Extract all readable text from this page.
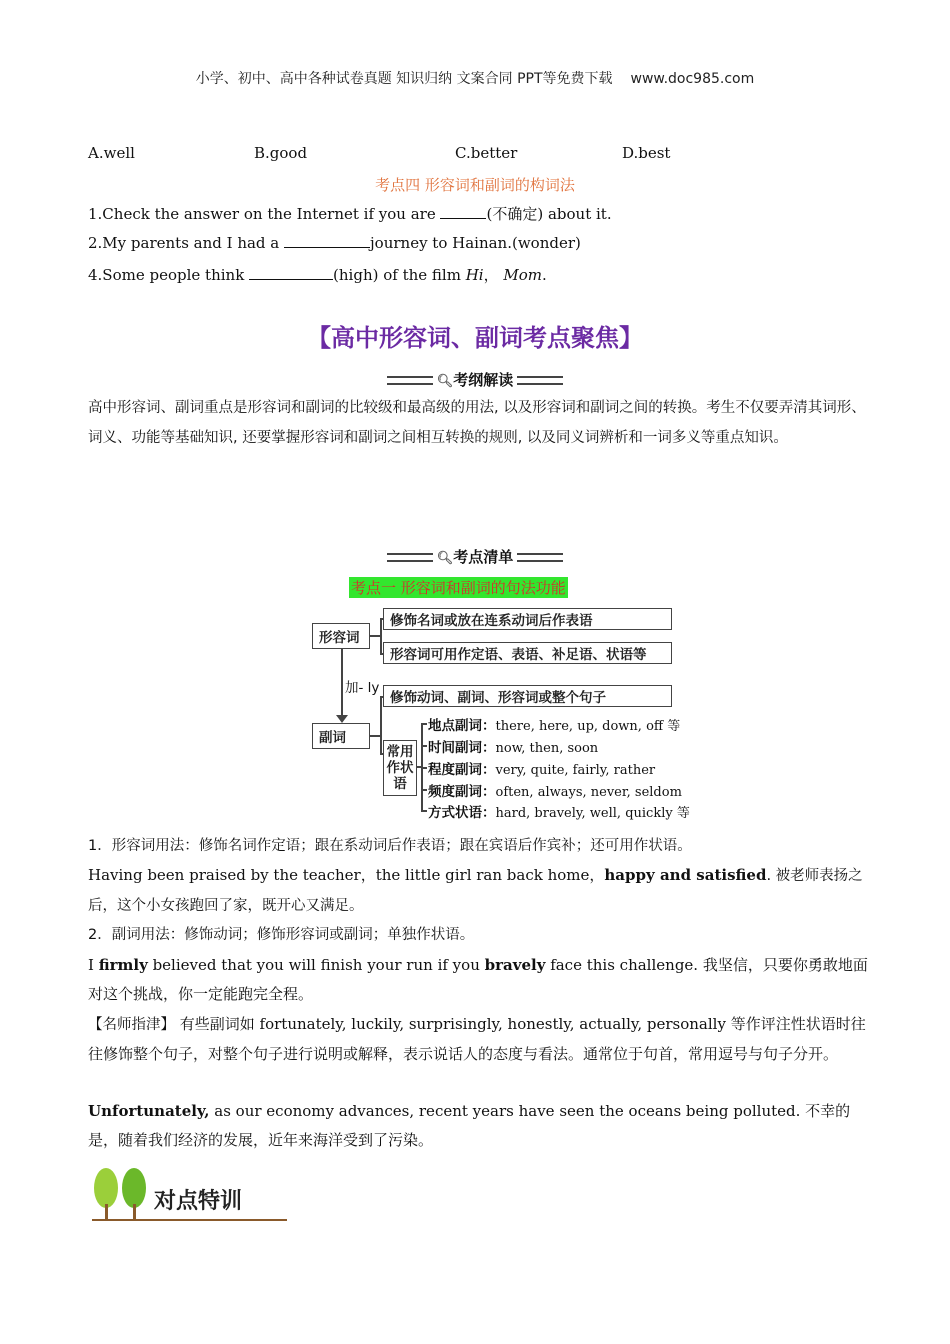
小学、初中、高中各种试卷真题 知识归纳 文案合同 PPT等免费下载 www.doc985.com
A.well	B.good	C.better	D.best
考点四 形容词和副词的构词法
1.Check the answer on the Internet if you are	(不确定) about it.
2.My parents and I had a	journey to Hainan.(wonder)
4.Some people think	(high) of the film Hi， Mom.
【高中形容词、副词考点聚焦】
🔍︎考纲解读
高中形容词、副词重点是形容词和副词的比较级和最高级的用法, 以及形容词和副词之间的转换。考生不仅要弄清其词形、词义、功能等基础知识, 还要掌握形容词和副词之间相互转换的规则, 以及同义词辨析和一词多义等重点知识。
🔍︎考点清单
考点一 形容词和副词的句法功能
形容词
修饰名词或放在连系动词后作表语
形容词可用作定语、表语、补足语、状语等
加- ly
副词
修饰动词、副词、形容词或整个句子
常用作状语
地点副词：there, here, up, down, off 等
时间副词：now, then, soon
程度副词：very, quite, fairly, rather
频度副词：often, always, never, seldom
方式状语：hard, bravely, well, quickly 等
1．形容词用法：修饰名词作定语；跟在系动词后作表语；跟在宾语后作宾补；还可用作状语。
Having been praised by the teacher，the little girl ran back home，happy and satisfied. 被老师表扬之后，这个小女孩跑回了家，既开心又满足。
2．副词用法：修饰动词；修饰形容词或副词；单独作状语。
I firmly believed that you will finish your run if you bravely face this challenge. 我坚信，只要你勇敢地面对这个挑战，你一定能跑完全程。
【名师指津】 有些副词如 fortunately, luckily, surprisingly, honestly, actually, personally 等作评注性状语时往往修饰整个句子，对整个句子进行说明或解释，表示说话人的态度与看法。通常位于句首，常用逗号与句子分开。
Unfortunately, as our economy advances, recent years have seen the oceans being polluted. 不幸的是，随着我们经济的发展，近年来海洋受到了污染。
对点特训
